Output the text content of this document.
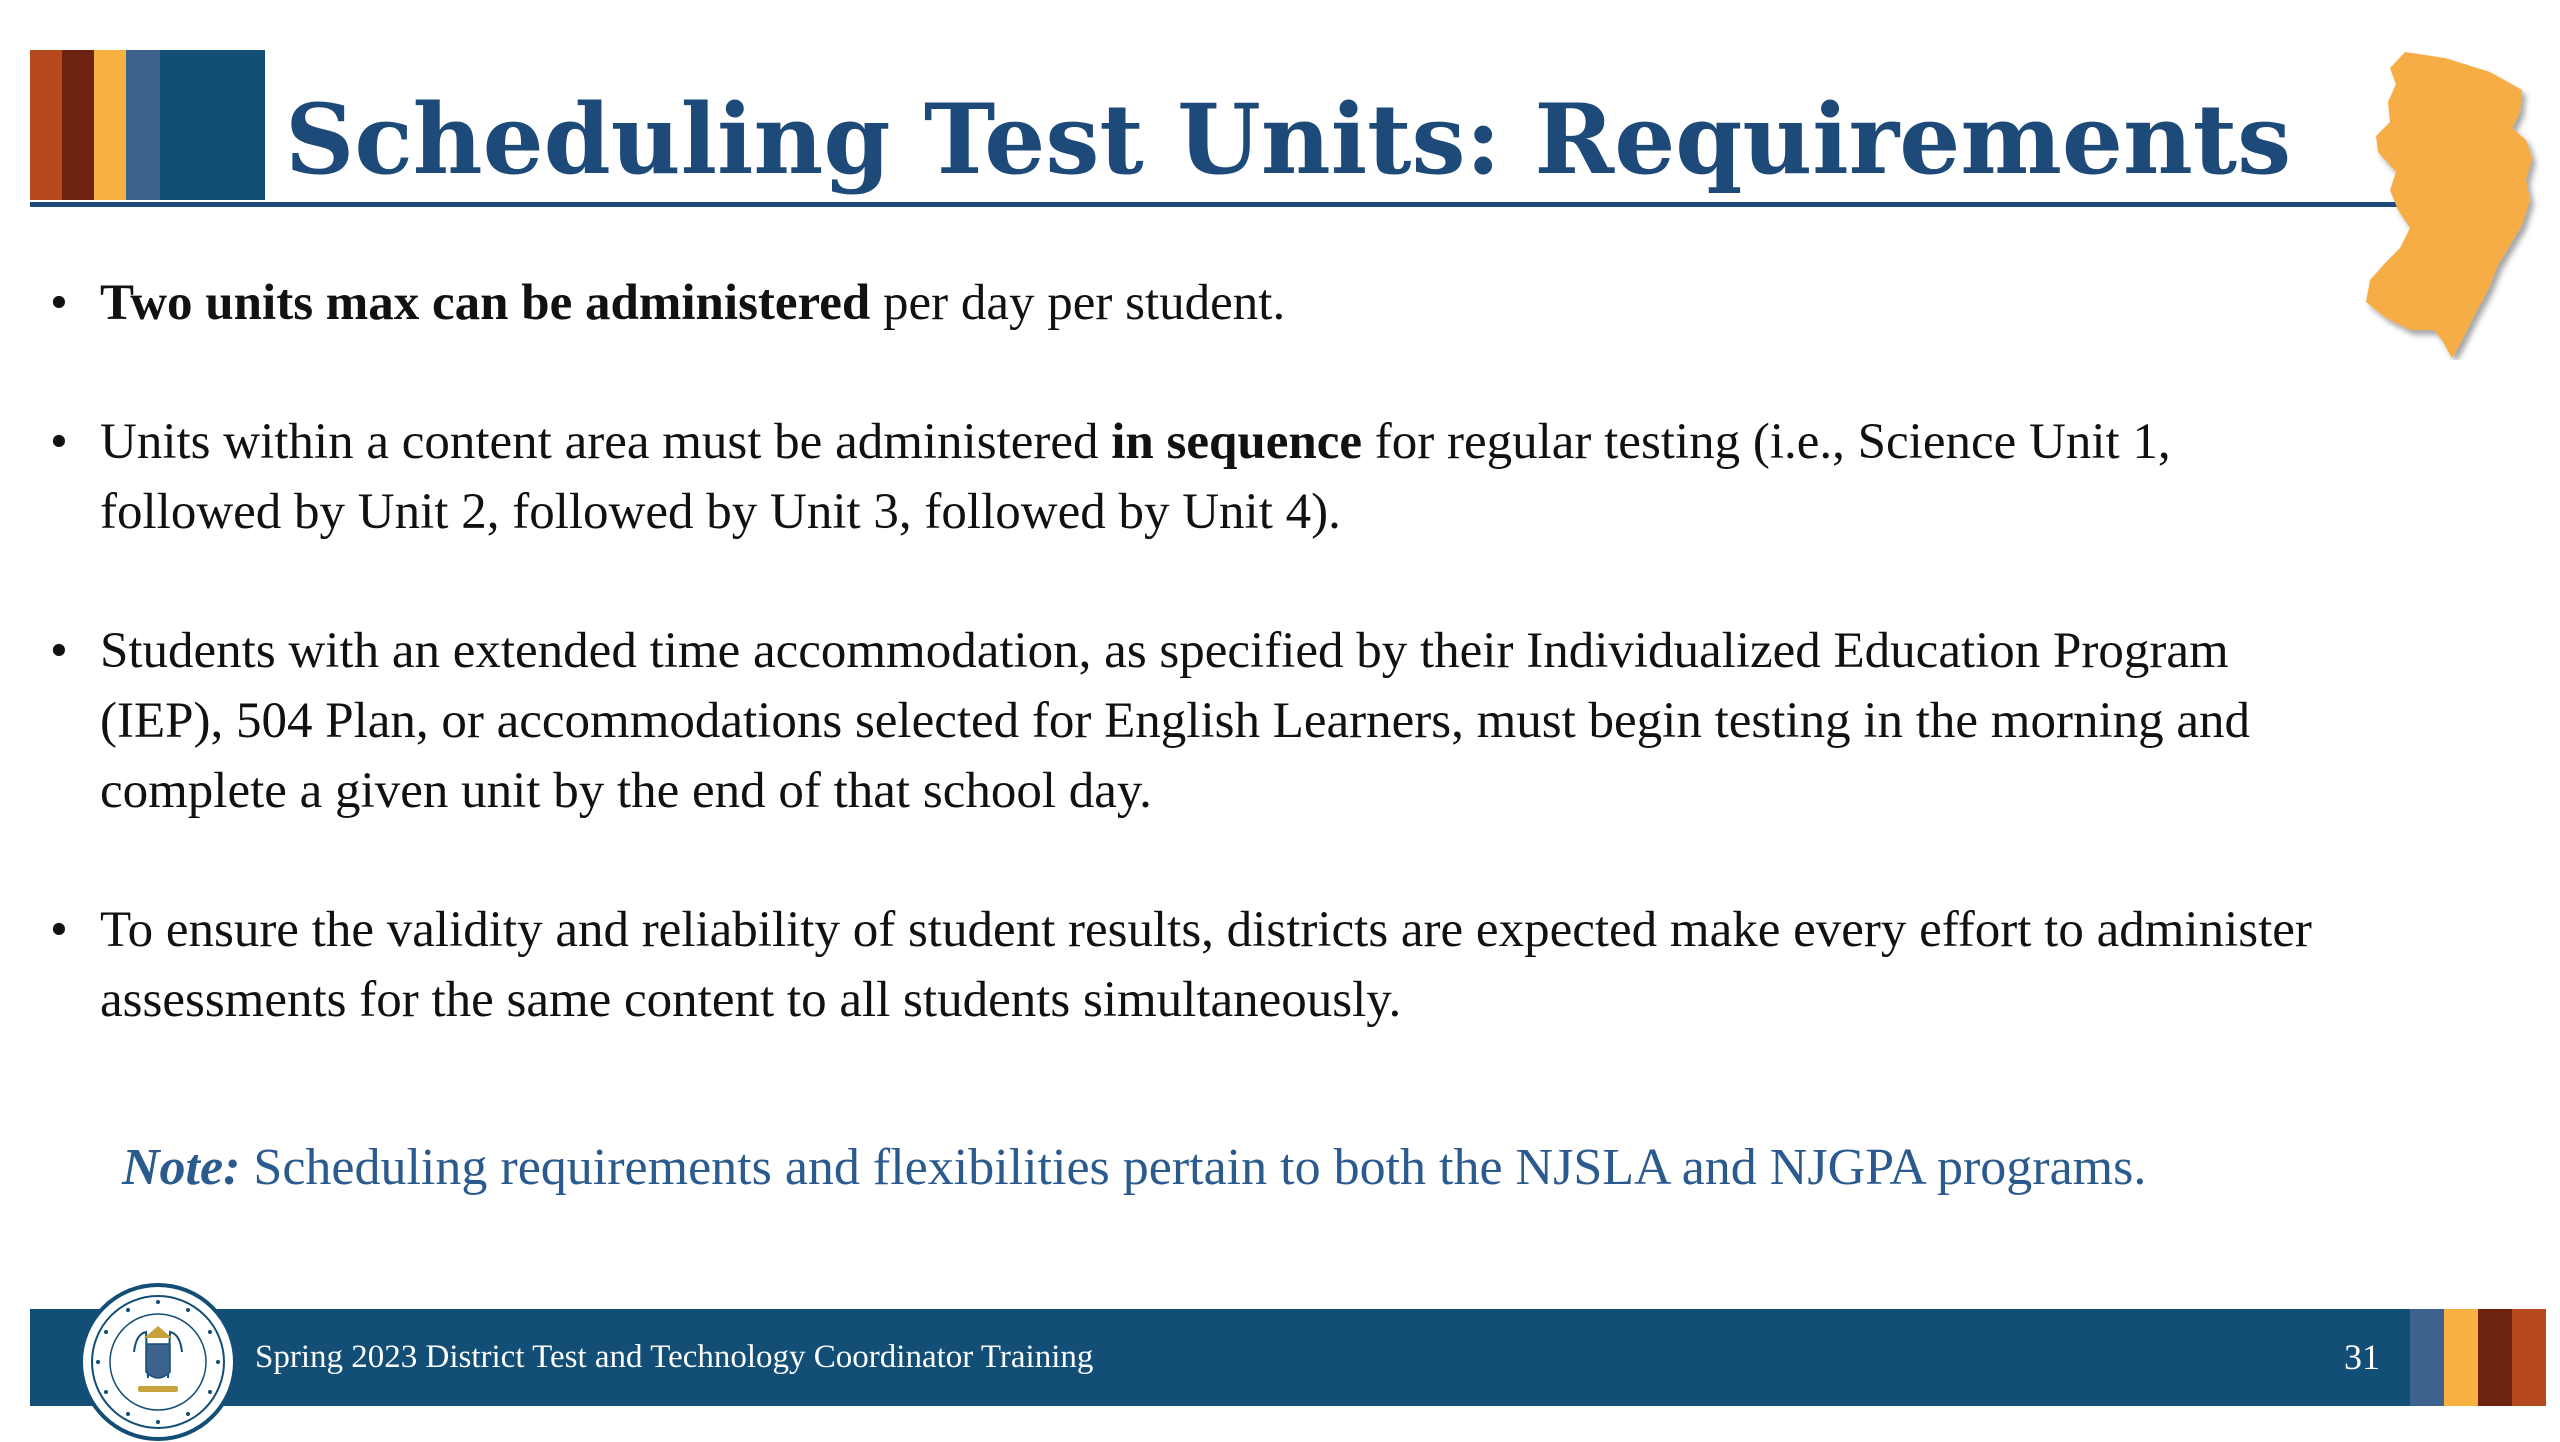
Scheduling Test Units: Requirements
• Two units max can be administered per day per student.
• Units within a content area must be administered in sequence for regular testing (i.e., Science Unit 1, followed by Unit 2, followed by Unit 3, followed by Unit 4).
• Students with an extended time accommodation, as specified by their Individualized Education Program (IEP), 504 Plan, or accommodations selected for English Learners, must begin testing in the morning and complete a given unit by the end of that school day.
• To ensure the validity and reliability of student results, districts are expected make every effort to administer assessments for the same content to all students simultaneously.

Note: Scheduling requirements and flexibilities pertain to both the NJSLA and NJGPA programs.

Spring 2023 District Test and Technology Coordinator Training	31
